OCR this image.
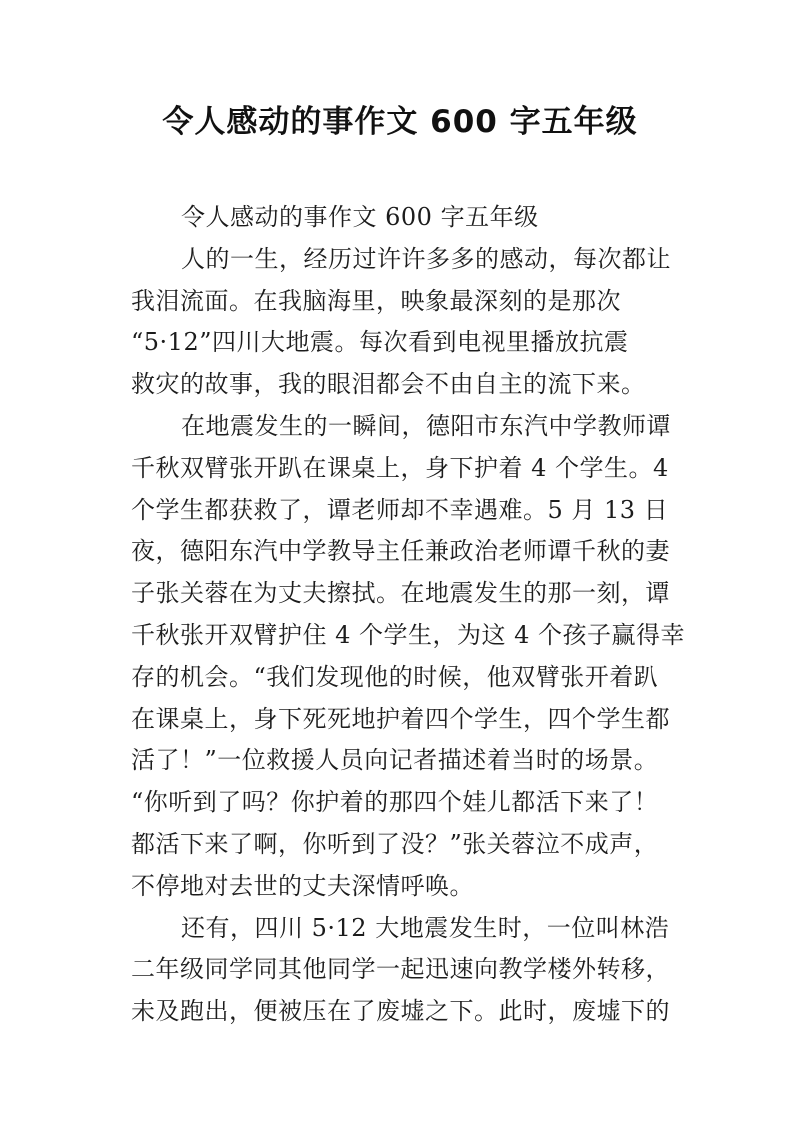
令人感动的事作文 600 字五年级
令人感动的事作文 600 字五年级
人的一生，经历过许许多多的感动，每次都让
我泪流面。在我脑海里，映象最深刻的是那次
“5·12”四川大地震。每次看到电视里播放抗震
救灾的故事，我的眼泪都会不由自主的流下来。
在地震发生的一瞬间，德阳市东汽中学教师谭
千秋双臂张开趴在课桌上，身下护着 4 个学生。4
个学生都获救了，谭老师却不幸遇难。5 月 13 日
夜，德阳东汽中学教导主任兼政治老师谭千秋的妻
子张关蓉在为丈夫擦拭。在地震发生的那一刻，谭
千秋张开双臂护住 4 个学生，为这 4 个孩子赢得幸
存的机会。“我们发现他的时候，他双臂张开着趴
在课桌上，身下死死地护着四个学生，四个学生都
活了！”一位救援人员向记者描述着当时的场景。
“你听到了吗？你护着的那四个娃儿都活下来了！
都活下来了啊，你听到了没？”张关蓉泣不成声，
不停地对去世的丈夫深情呼唤。
还有，四川 5·12 大地震发生时，一位叫林浩
二年级同学同其他同学一起迅速向教学楼外转移，
未及跑出，便被压在了废墟之下。此时，废墟下的
